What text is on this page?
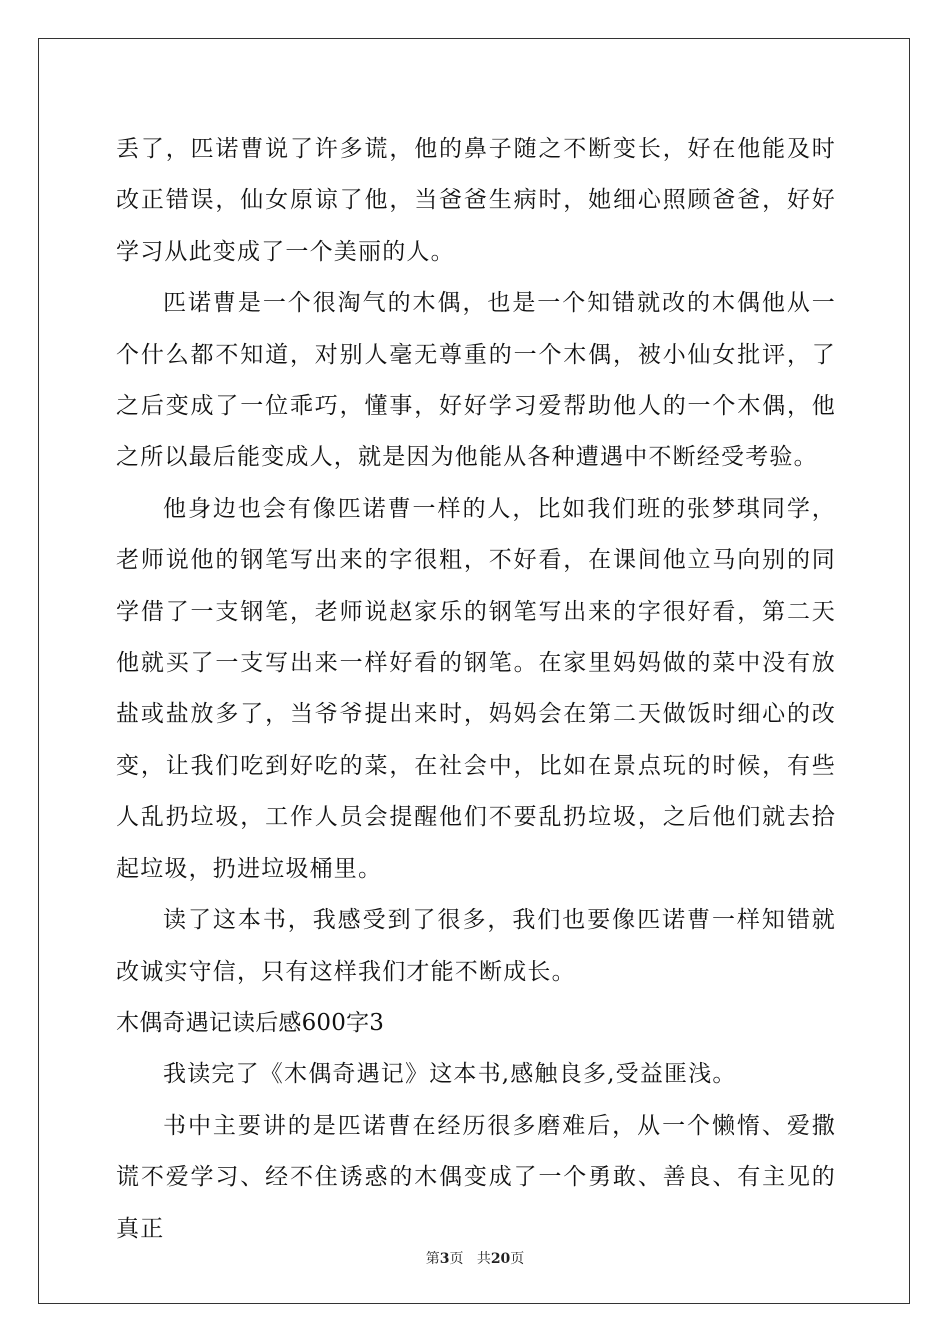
丢了，匹诺曹说了许多谎，他的鼻子随之不断变长，好在他能及时改正错误，仙女原谅了他，当爸爸生病时，她细心照顾爸爸，好好学习从此变成了一个美丽的人。

匹诺曹是一个很淘气的木偶，也是一个知错就改的木偶他从一个什么都不知道，对别人毫无尊重的一个木偶，被小仙女批评，了之后变成了一位乖巧，懂事，好好学习爱帮助他人的一个木偶，他之所以最后能变成人，就是因为他能从各种遭遇中不断经受考验。

他身边也会有像匹诺曹一样的人，比如我们班的张梦琪同学，老师说他的钢笔写出来的字很粗，不好看，在课间他立马向别的同学借了一支钢笔，老师说赵家乐的钢笔写出来的字很好看，第二天他就买了一支写出来一样好看的钢笔。在家里妈妈做的菜中没有放盐或盐放多了，当爷爷提出来时，妈妈会在第二天做饭时细心的改变，让我们吃到好吃的菜，在社会中，比如在景点玩的时候，有些人乱扔垃圾，工作人员会提醒他们不要乱扔垃圾，之后他们就去拾起垃圾，扔进垃圾桶里。

读了这本书，我感受到了很多，我们也要像匹诺曹一样知错就改诚实守信，只有这样我们才能不断成长。

木偶奇遇记读后感600字3

我读完了《木偶奇遇记》这本书,感触良多,受益匪浅。

书中主要讲的是匹诺曹在经历很多磨难后，从一个懒惰、爱撒谎不爱学习、经不住诱惑的木偶变成了一个勇敢、善良、有主见的真正

第3页 共20页
